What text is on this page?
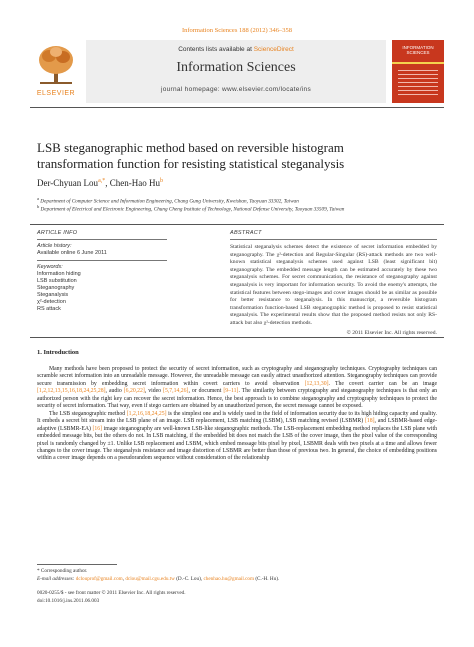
Information Sciences 188 (2012) 346–358
ELSEVIER
Contents lists available at ScienceDirect
Information Sciences
journal homepage: www.elsevier.com/locate/ins
INFORMATION SCIENCES
LSB steganographic method based on reversible histogram
transformation function for resisting statistical steganalysis
Der-Chyuan Lou$^{a,*}$, Chen-Hao Hu$^b$
$^a$ Department of Computer Science and Information Engineering, Chang Gung University, Kweishan, Taoyuan 33302, Taiwan
$^b$ Department of Electrical and Electronic Engineering, Chung Cheng Institute of Technology, National Defense University, Taoyuan 33509, Taiwan
ARTICLE INFO
Article history:
Available online 6 June 2011
Keywords:
Information hiding
LSB substitution
Steganography
Steganalysis
χ²-detection
RS attack
ABSTRACT
Statistical steganalysis schemes detect the existence of secret information embedded by steganography. The χ²-detection and Regular-Singular (RS)-attack methods are two well-known statistical steganalysis schemes used against LSB (least significant bit) steganography. The embedded message length can be estimated accurately by these two steganalysis schemes. For secret communication, the resistance of steganography against steganalysis is very important for information security. To avoid the enemy's attempts, the statistical features between stego-images and cover images should be as similar as possible for better resistance to steganalysis. In this manuscript, a reversible histogram transformation function-based LSB steganographic method is proposed to resist statistical steganalysis. The experimental results show that the proposed method resists not only RS-attack but also χ²-detection methods.
© 2011 Elsevier Inc. All rights reserved.
1. Introduction

Many methods have been proposed to protect the security of secret information, such as cryptography and steganography techniques. Cryptography techniques can scramble secret information into an unreadable message. However, the unreadable message can easily attract unauthorized attention. Steganography techniques can provide secure transmission by embedding secret information within covert carriers to avoid observation [12,13,30]. The covert carrier can be an image [1,2,12,13,15,16,18,24,25,28], audio [6,20,22], video [5,7,14,26], or document [9–11]. The similarity between cryptography and steganography techniques is that only an authorized person with the right key can recover the secret information. Hence, the best approach is to combine steganography and cryptography techniques to protect the security of secret information. That way, even if stego carriers are obtained by an unauthorized person, the secret message cannot be exposed.

The LSB steganographic method [1,2,16,18,24,25] is the simplest one and is widely used in the field of information security due to its high hiding capacity and quality. It embeds a secret bit stream into the LSB plane of an image. LSB replacement, LSB matching (LSBM), LSB matching revised (LSBMR) [18], and LSBMR-based edge-adaptive (LSBMR-EA) [16] image steganography are well-known LSB-like steganographic methods. The LSB-replacement embedding method replaces the LSB plane with embedded message bits, but the others do not. In LSB matching, if the embedded bit does not match the LSB of the cover image, then the pixel value of the corresponding pixel is randomly changed by ±1. Unlike LSB replacement and LSBM, which embed message bits pixel by pixel, LSBMR deals with two pixels at a time and allows fewer changes to the cover image. The steganalysis resistance and image distortion of LSBMR are better than those of previous two. In general, the choice of embedding positions within a cover image depends on a pseudorandom sequence without consideration of the relationship

* Corresponding author.
E-mail addresses: dclouprof@gmail.com, dclou@mail.cgu.edu.tw (D.-C. Lou), chenhao.hu@gmail.com (C.-H. Hu).
0020-0255/$ - see front matter © 2011 Elsevier Inc. All rights reserved.
doi:10.1016/j.ins.2011.06.003
